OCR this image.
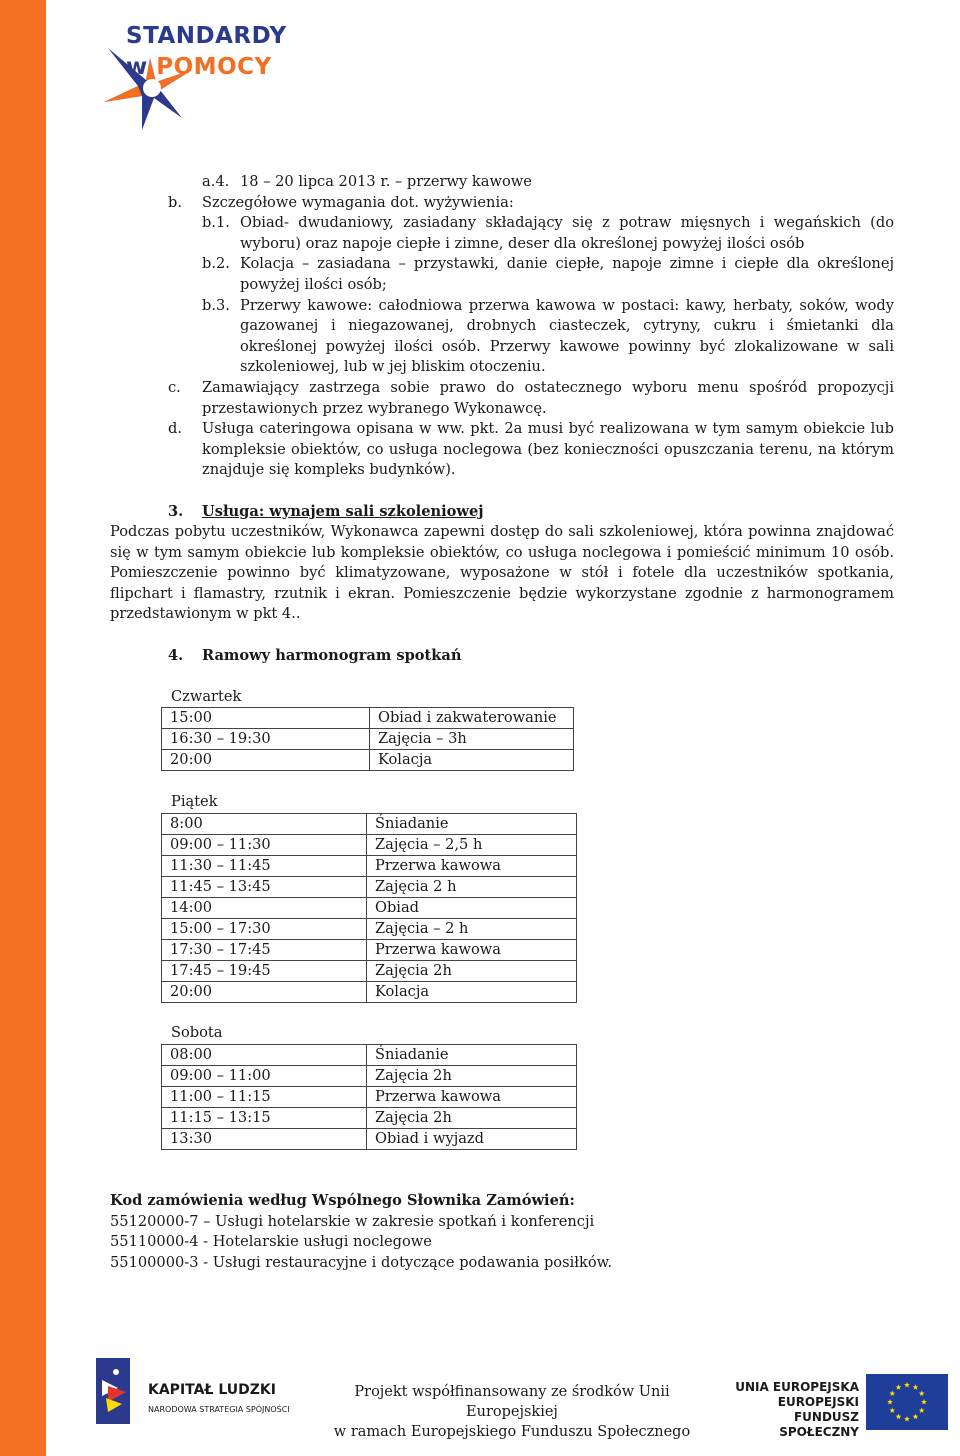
STANDARDY
w POMOCY
a.4. 18 – 20 lipca 2013 r. – przerwy kawowe
b. Szczegółowe wymagania dot. wyżywienia:
b.1. Obiad- dwudaniowy, zasiadany składający się z potraw mięsnych i wegańskich (do wyboru) oraz napoje ciepłe i zimne, deser dla określonej powyżej ilości osób
b.2. Kolacja – zasiadana – przystawki, danie ciepłe, napoje zimne i ciepłe dla określonej powyżej ilości osób;
b.3. Przerwy kawowe: całodniowa przerwa kawowa w postaci: kawy, herbaty, soków, wody gazowanej i niegazowanej, drobnych ciasteczek, cytryny, cukru i śmietanki dla określonej powyżej ilości osób. Przerwy kawowe powinny być zlokalizowane w sali szkoleniowej, lub w jej bliskim otoczeniu.
c. Zamawiający zastrzega sobie prawo do ostatecznego wyboru menu spośród propozycji przestawionych przez wybranego Wykonawcę.
d. Usługa cateringowa opisana w ww. pkt. 2a musi być realizowana w tym samym obiekcie lub kompleksie obiektów, co usługa noclegowa (bez konieczności opuszczania terenu, na którym znajduje się kompleks budynków).
3. Usługa: wynajem sali szkoleniowej
Podczas pobytu uczestników, Wykonawca zapewni dostęp do sali szkoleniowej, która powinna znajdować się w tym samym obiekcie lub kompleksie obiektów, co usługa noclegowa i pomieścić minimum 10 osób. Pomieszczenie powinno być klimatyzowane, wyposażone w stół i fotele dla uczestników spotkania, flipchart i flamastry, rzutnik i ekran. Pomieszczenie będzie wykorzystane zgodnie z harmonogramem przedstawionym w pkt 4..
4. Ramowy harmonogram spotkań
Czwartek
15:00	Obiad i zakwaterowanie
16:30 – 19:30	Zajęcia – 3h
20:00	Kolacja
Piątek
8:00	Śniadanie
09:00 – 11:30	Zajęcia – 2,5 h
11:30 – 11:45	Przerwa kawowa
11:45 – 13:45	Zajęcia 2 h
14:00	Obiad
15:00 – 17:30	Zajęcia – 2 h
17:30 – 17:45	Przerwa kawowa
17:45 – 19:45	Zajęcia 2h
20:00	Kolacja
Sobota
08:00	Śniadanie
09:00 – 11:00	Zajęcia 2h
11:00 – 11:15	Przerwa kawowa
11:15 – 13:15	Zajęcia 2h
13:30	Obiad i wyjazd
Kod zamówienia według Wspólnego Słownika Zamówień:
55120000-7 – Usługi hotelarskie w zakresie spotkań i konferencji
55110000-4 - Hotelarskie usługi noclegowe
55100000-3 - Usługi restauracyjne i dotyczące podawania posiłków.
KAPITAŁ LUDZKI
NARODOWA STRATEGIA SPÓJNOŚCI
Projekt współfinansowany ze środków Unii Europejskiej
w ramach Europejskiego Funduszu Społecznego
UNIA EUROPEJSKA
EUROPEJSKI
FUNDUSZ SPOŁECZNY
